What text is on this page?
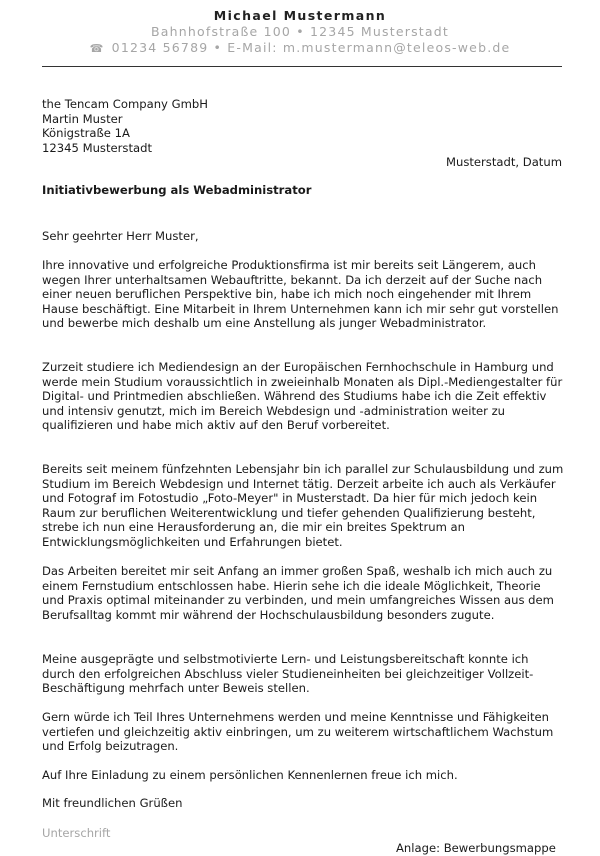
Michael Mustermann
Bahnhofstraße 100 • 12345 Musterstadt
☎ 01234 56789 • E-Mail: m.mustermann@teleos-web.de
the Tencam Company GmbH
Martin Muster
Königstraße 1A
12345 Musterstadt
Musterstadt, Datum
Initiativbewerbung als Webadministrator
Sehr geehrter Herr Muster,

Ihre innovative und erfolgreiche Produktionsfirma ist mir bereits seit Längerem, auch wegen Ihrer unterhaltsamen Webauftritte, bekannt. Da ich derzeit auf der Suche nach einer neuen beruflichen Perspektive bin, habe ich mich noch eingehender mit Ihrem Hause beschäftigt. Eine Mitarbeit in Ihrem Unternehmen kann ich mir sehr gut vorstellen und bewerbe mich deshalb um eine Anstellung als junger Webadministrator.

Zurzeit studiere ich Mediendesign an der Europäischen Fernhochschule in Hamburg und werde mein Studium voraussichtlich in zweieinhalb Monaten als Dipl.-Mediengestalter für Digital- und Printmedien abschließen. Während des Studiums habe ich die Zeit effektiv und intensiv genutzt, mich im Bereich Webdesign und -administration weiter zu qualifizieren und habe mich aktiv auf den Beruf vorbereitet.

Bereits seit meinem fünfzehnten Lebensjahr bin ich parallel zur Schulausbildung und zum Studium im Bereich Webdesign und Internet tätig. Derzeit arbeite ich auch als Verkäufer und Fotograf im Fotostudio „Foto-Meyer" in Musterstadt. Da hier für mich jedoch kein Raum zur beruflichen Weiterentwicklung und tiefer gehenden Qualifizierung besteht, strebe ich nun eine Herausforderung an, die mir ein breites Spektrum an Entwicklungsmöglichkeiten und Erfahrungen bietet.

Das Arbeiten bereitet mir seit Anfang an immer großen Spaß, weshalb ich mich auch zu einem Fernstudium entschlossen habe. Hierin sehe ich die ideale Möglichkeit, Theorie und Praxis optimal miteinander zu verbinden, und mein umfangreiches Wissen aus dem Berufsalltag kommt mir während der Hochschulausbildung besonders zugute.

Meine ausgeprägte und selbstmotivierte Lern- und Leistungsbereitschaft konnte ich durch den erfolgreichen Abschluss vieler Studieneinheiten bei gleichzeitiger Vollzeit-Beschäftigung mehrfach unter Beweis stellen.

Gern würde ich Teil Ihres Unternehmens werden und meine Kenntnisse und Fähigkeiten vertiefen und gleichzeitig aktiv einbringen, um zu weiterem wirtschaftlichem Wachstum und Erfolg beizutragen.

Auf Ihre Einladung zu einem persönlichen Kennenlernen freue ich mich.

Mit freundlichen Grüßen
Unterschrift
Anlage: Bewerbungsmappe
